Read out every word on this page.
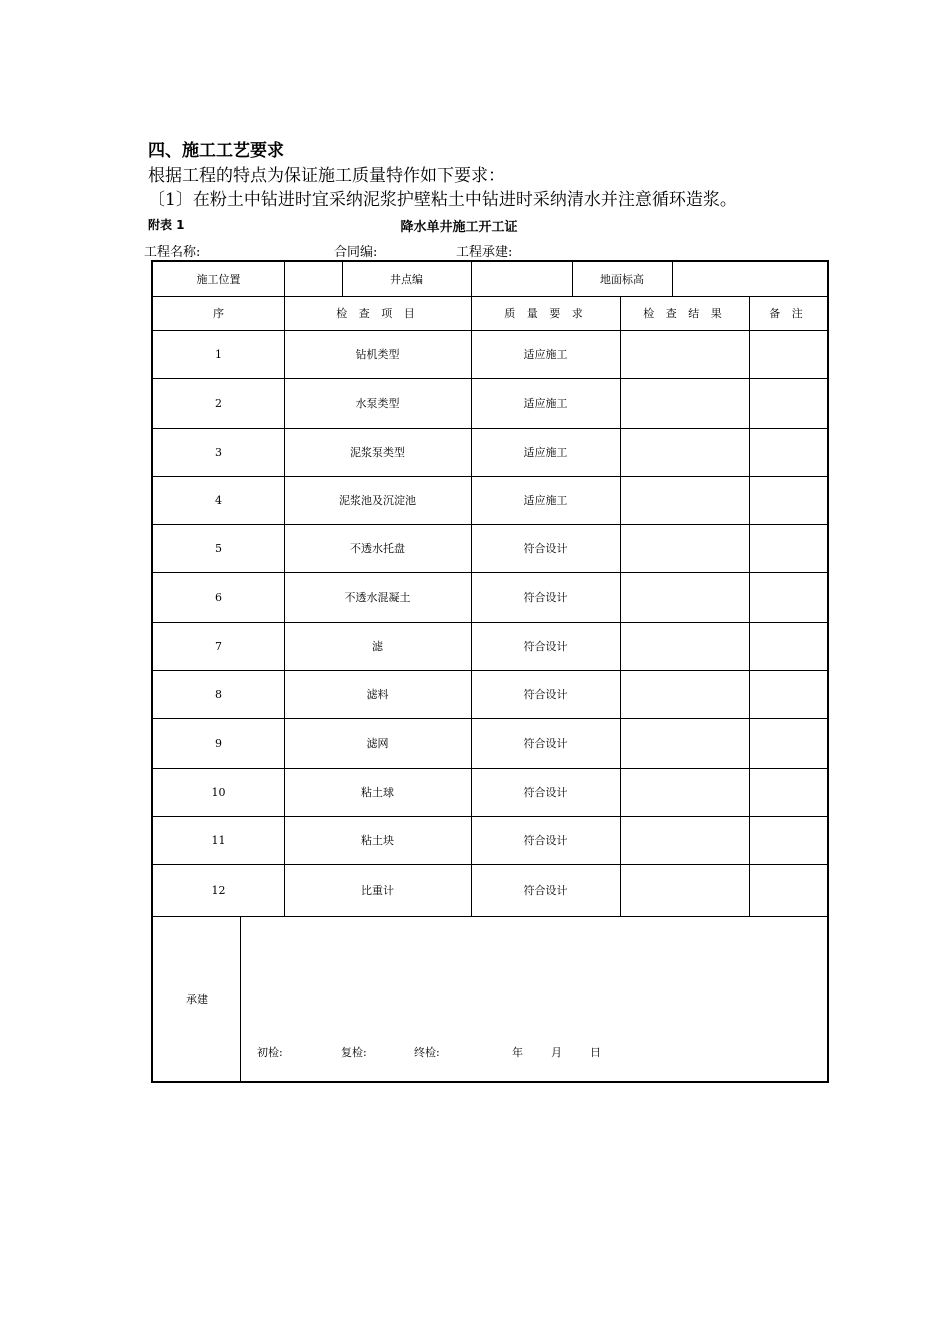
四、施工工艺要求
根据工程的特点为保证施工质量特作如下要求：
〔1〕在粉土中钻进时宜采纳泥浆护壁粘土中钻进时采纳清水并注意循环造浆。
附表 1	降水单井施工开工证
工程名称:	合同编:	工程承建:
施工位置	井点编	地面标高
序	检 查 项 目	质 量 要 求	检 查 结 果	备 注
1	钻机类型	适应施工
2	水泵类型	适应施工
3	泥浆泵类型	适应施工
4	泥浆池及沉淀池	适应施工
5	不透水托盘	符合设计
6	不透水混凝土	符合设计
7	滤	符合设计
8	滤料	符合设计
9	滤网	符合设计
10	粘土球	符合设计
11	粘土块	符合设计
12	比重计	符合设计
承建
初检:	复检:	终检:	年	月	日
